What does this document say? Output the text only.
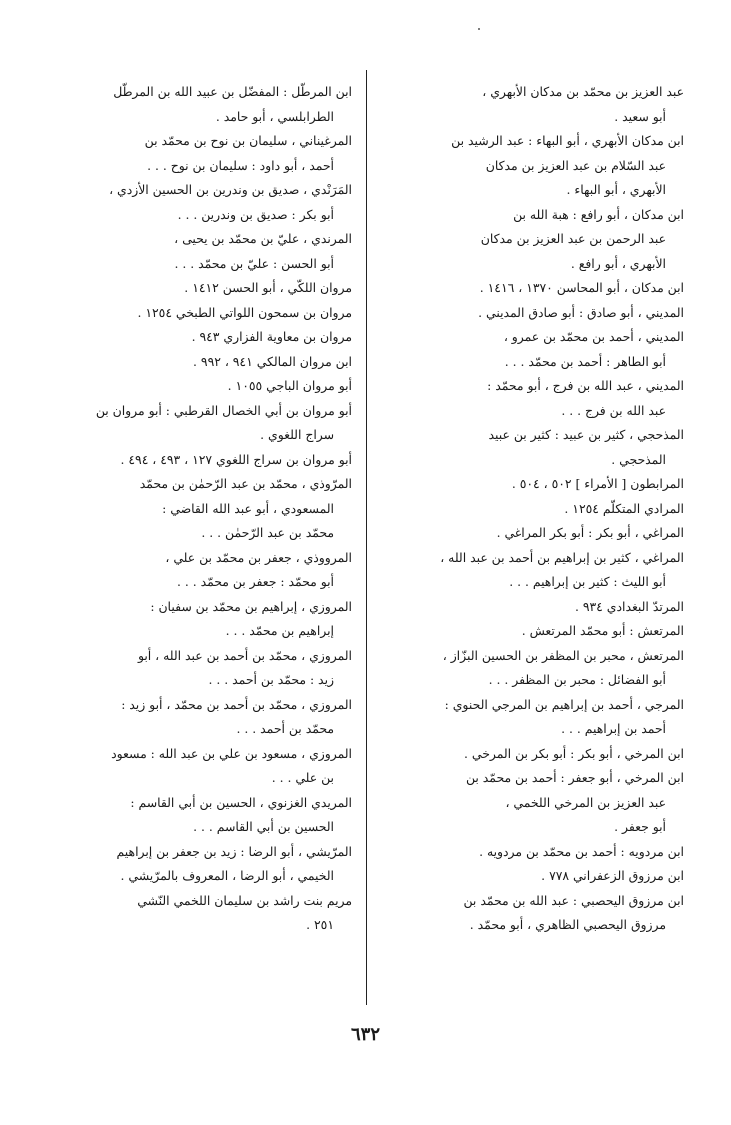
عبد العزيز بن محمّد بن مدكان الأبهري ،
أبو سعيد .

ابن مدكان الأبهري ، أبو البهاء : عبد الرشيد بن
عبد السّلام بن عبد العزيز بن مدكان
الأبهري ، أبو البهاء .

ابن مدكان ، أبو رافع : هبة الله بن
عبد الرحمن بن عبد العزيز بن مدكان
الأبهري ، أبو رافع .

ابن مدكان ، أبو المحاسن ١٣٧٠ ، ١٤١٦ .

المديني ، أبو صادق : أبو صادق المديني .

المديني ، أحمد بن محمّد بن عمرو ،
أبو الطاهر : أحمد بن محمّد . . .

المديني ، عبد الله بن فرج ، أبو محمّد :
عبد الله بن فرج . . .

المذحجي ، كثير بن عبيد : كثير بن عبيد
المذحجي .

المرابطون [ الأمراء ] ٥٠٢ ، ٥٠٤ .

المرادي المتكلّم ١٢٥٤ .

المراغي ، أبو بكر : أبو بكر المراغي .

المراغي ، كثير بن إبراهيم بن أحمد بن عبد الله ،
أبو الليث : كثير بن إبراهيم . . .

المرتدّ البغدادي ٩٣٤ .

المرتعش : أبو محمّد المرتعش .

المرتعش ، محبر بن المظفر بن الحسين البزّاز ،
أبو الفضائل : محبر بن المظفر . . .

المرجي ، أحمد بن إبراهيم بن المرجي الحنوي :
أحمد بن إبراهيم . . .

ابن المرخي ، أبو بكر : أبو بكر بن المرخي .

ابن المرخي ، أبو جعفر : أحمد بن محمّد بن
عبد العزيز بن المرخي اللخمي ،
أبو جعفر .

ابن مردويه : أحمد بن محمّد بن مردويه .

ابن مرزوق الزعفراني ٧٧٨ .

ابن مرزوق اليحصبي : عبد الله بن محمّد بن
مرزوق اليحصبي الظاهري ، أبو محمّد .

ابن المرطّل : المفضّل بن عبيد الله بن المرطّل
الطرابلسي ، أبو حامد .

المرغيناني ، سليمان بن نوح بن محمّد بن
أحمد ، أبو داود : سليمان بن نوح . . .

المَرَنْدي ، صديق بن وندرين بن الحسين الأزدي ،
أبو بكر : صديق بن وندرين . . .

المرندي ، عليّ بن محمّد بن يحيى ،
أبو الحسن : عليّ بن محمّد . . .

مروان اللكّي ، أبو الحسن ١٤١٢ .

مروان بن سمحون اللواتي الطبخي ١٢٥٤ .

مروان بن معاوية الفزاري ٩٤٣ .

ابن مروان المالكي ٩٤١ ، ٩٩٢ .

أبو مروان الباجي ١٠٥٥ .

أبو مروان بن أبي الخصال القرطبي : أبو مروان بن
سراج اللغوي .

أبو مروان بن سراج اللغوي ١٢٧ ، ٤٩٣ ، ٤٩٤ .

المرّوذي ، محمّد بن عبد الرّحمٰن بن محمّد
المسعودي ، أبو عبد الله القاضي :
محمّد بن عبد الرّحمٰن . . .

المرووذي ، جعفر بن محمّد بن علي ،
أبو محمّد : جعفر بن محمّد . . .

المروزي ، إبراهيم بن محمّد بن سفيان :
إبراهيم بن محمّد . . .

المروزي ، محمّد بن أحمد بن عبد الله ، أبو
زيد : محمّد بن أحمد . . .

المروزي ، محمّد بن أحمد بن محمّد ، أبو زيد :
محمّد بن أحمد . . .

المروزي ، مسعود بن علي بن عبد الله : مسعود
بن علي . . .

المريدي الغزنوي ، الحسين بن أبي القاسم :
الحسين بن أبي القاسم . . .

المرّيشي ، أبو الرضا : زيد بن جعفر بن إبراهيم
الخيمي ، أبو الرضا ، المعروف بالمرّيشي .

مريم بنت راشد بن سليمان اللخمي النّشي
٢٥١ .

٦٣٢
